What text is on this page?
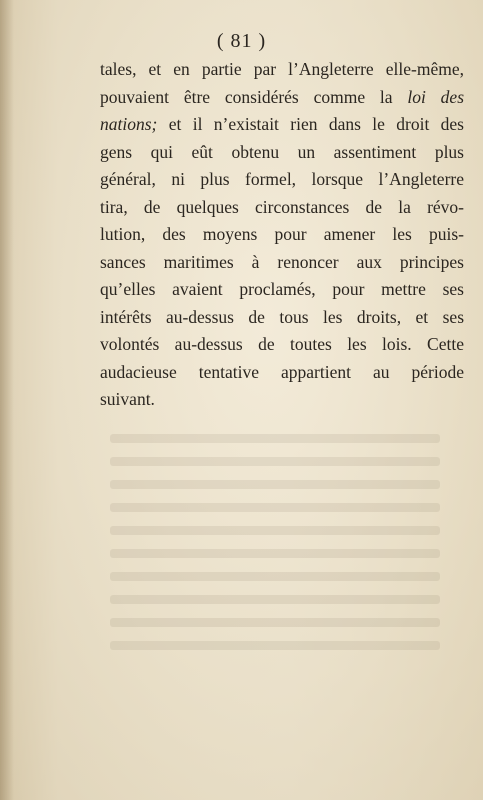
( 81 )
tales, et en partie par l’Angleterre elle-même,
pouvaient être considérés comme la loi des
nations; et il n’existait rien dans le droit des
gens qui eût obtenu un assentiment plus
général, ni plus formel, lorsque l’Angleterre
tira, de quelques circonstances de la révo-
lution, des moyens pour amener les puis-
sances maritimes à renoncer aux principes
qu’elles avaient proclamés, pour mettre ses
intérêts au-dessus de tous les droits, et ses
volontés au-dessus de toutes les lois. Cette
audacieuse tentative appartient au période
suivant.
